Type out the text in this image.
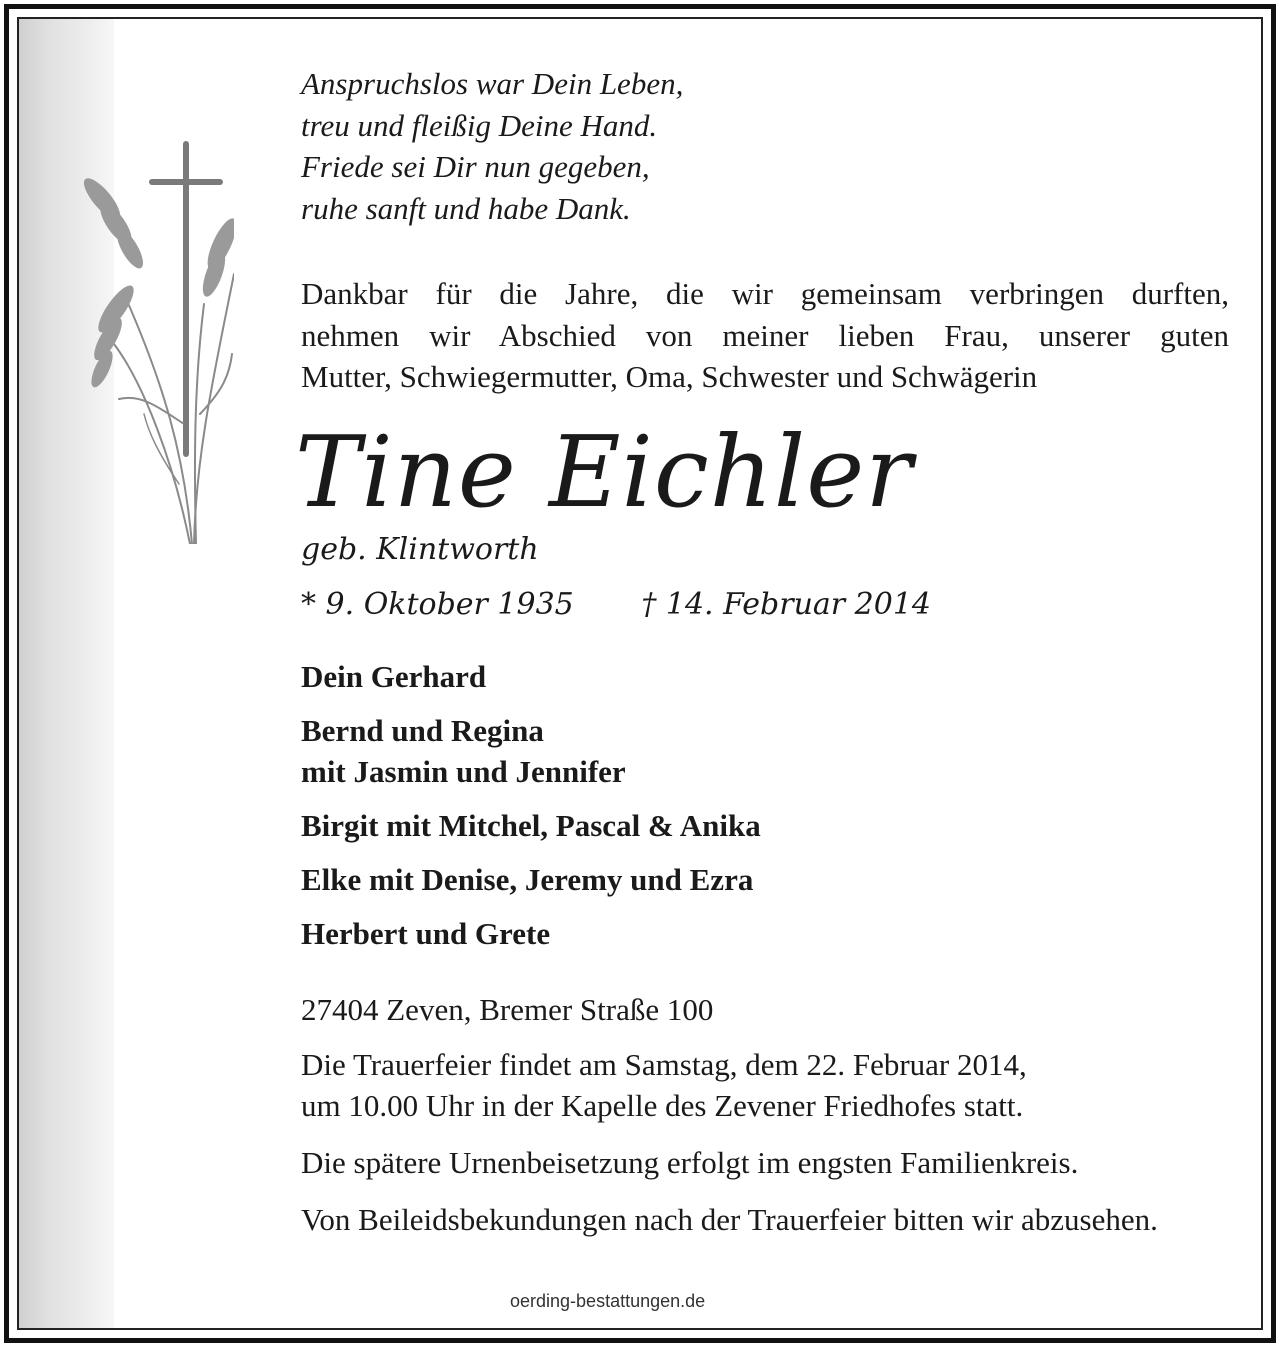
Anspruchslos war Dein Leben,
treu und fleißig Deine Hand.
Friede sei Dir nun gegeben,
ruhe sanft und habe Dank.
Dankbar für die Jahre, die wir gemeinsam verbringen durften,
nehmen wir Abschied von meiner lieben Frau, unserer guten
Mutter, Schwiegermutter, Oma, Schwester und Schwägerin
Tine Eichler
geb. Klintworth
* 9. Oktober 1935 † 14. Februar 2014
Dein Gerhard
Bernd und Regina
mit Jasmin und Jennifer
Birgit mit Mitchel, Pascal & Anika
Elke mit Denise, Jeremy und Ezra
Herbert und Grete
27404 Zeven, Bremer Straße 100
Die Trauerfeier findet am Samstag, dem 22. Februar 2014,
um 10.00 Uhr in der Kapelle des Zevener Friedhofes statt.
Die spätere Urnenbeisetzung erfolgt im engsten Familienkreis.
Von Beileidsbekundungen nach der Trauerfeier bitten wir abzusehen.
oerding-bestattungen.de
